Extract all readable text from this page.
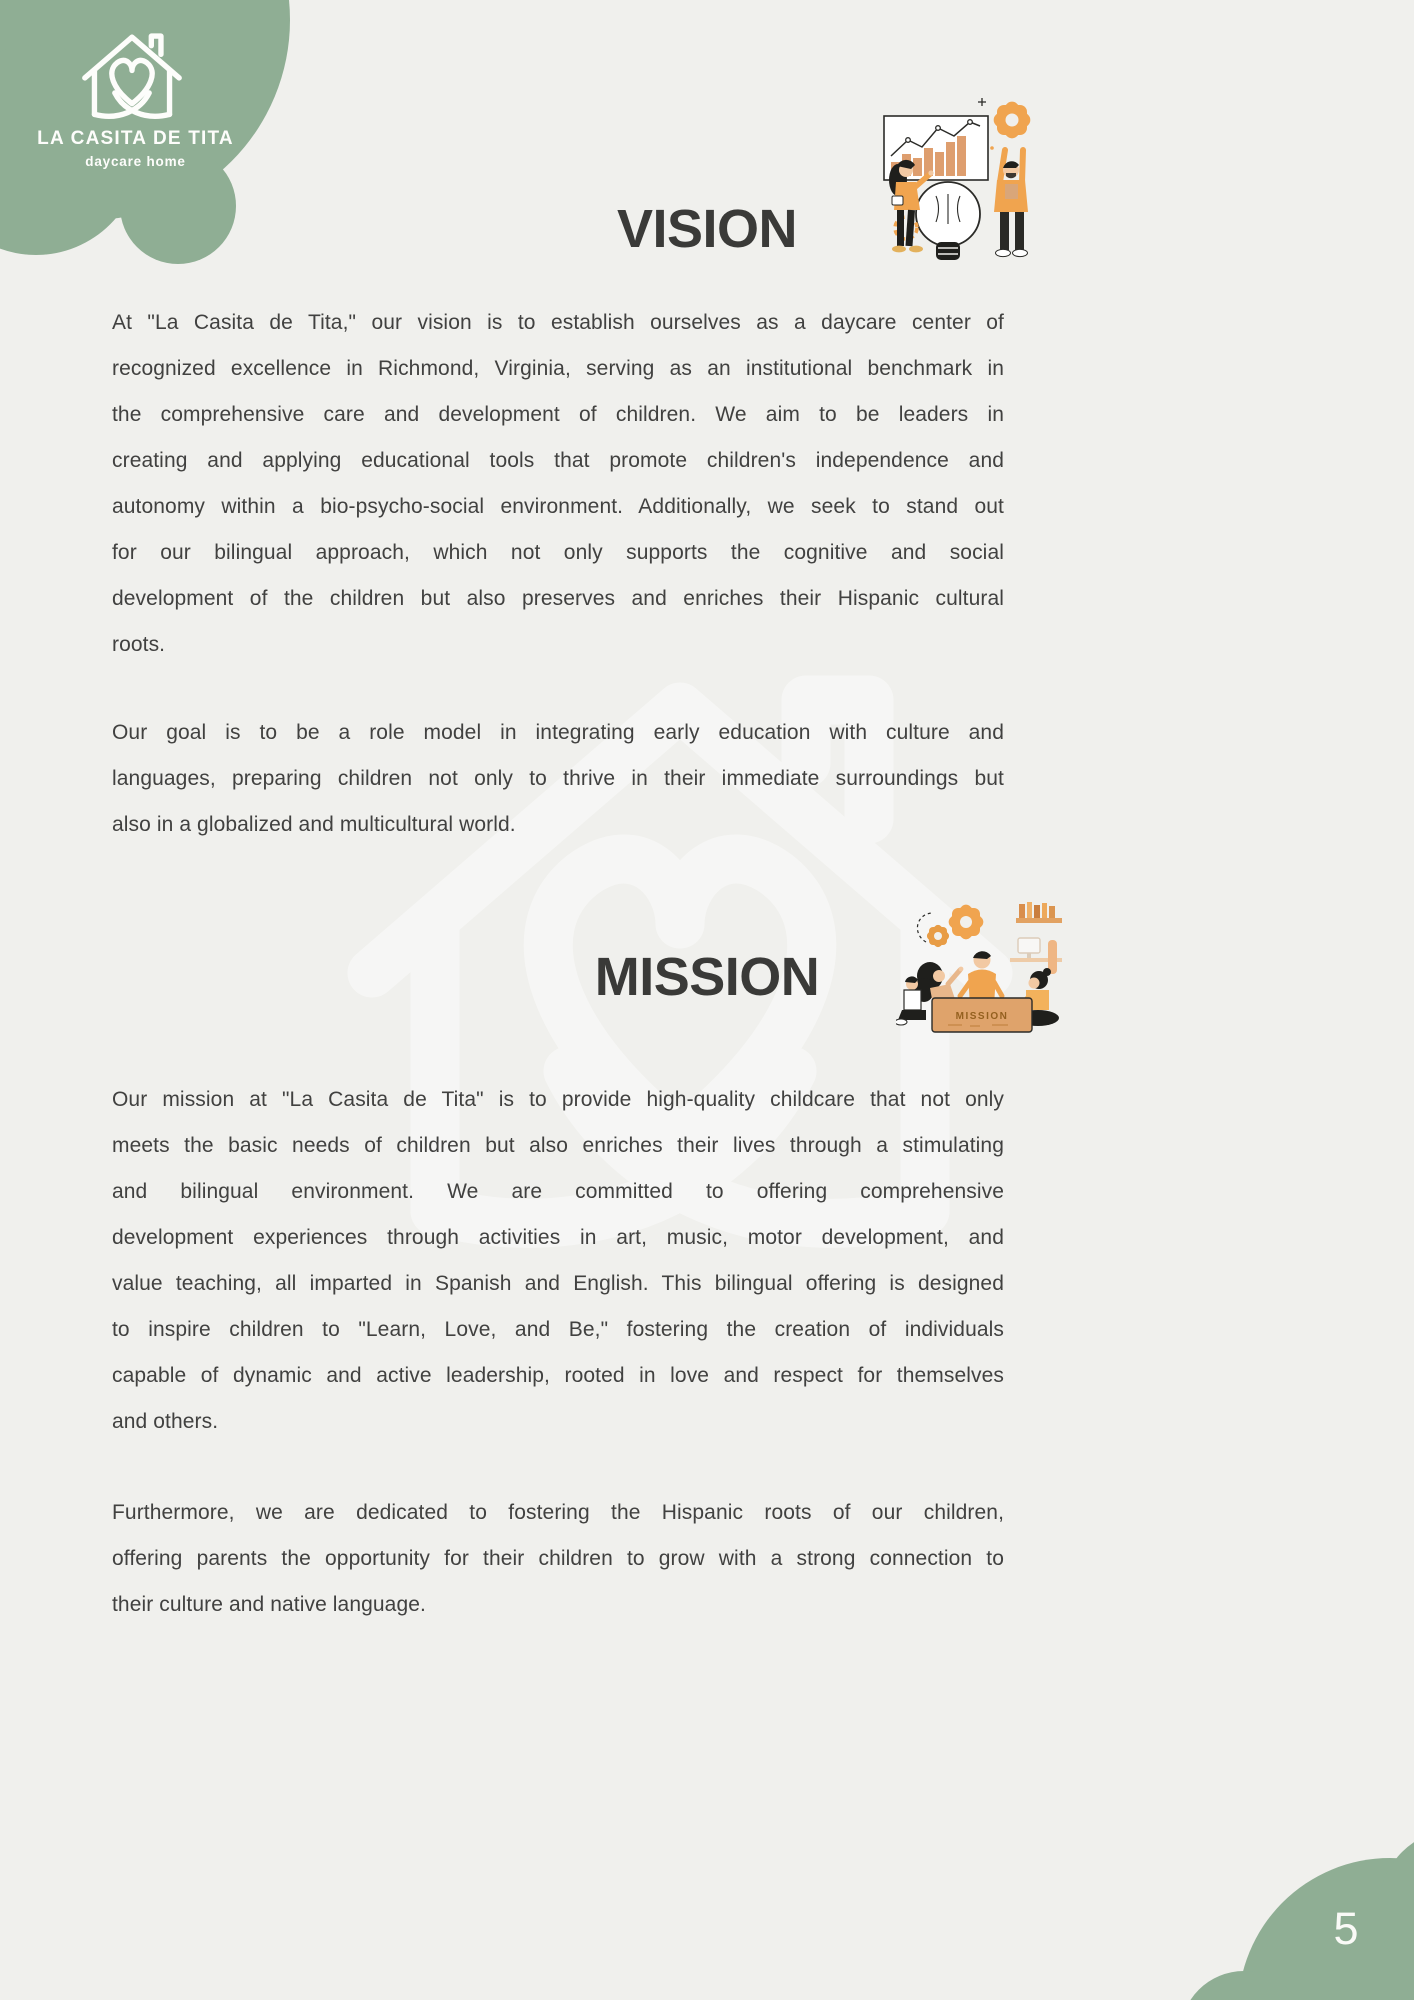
LA CASITA DE TITA
daycare home
VISION
At "La Casita de Tita," our vision is to establish ourselves as a daycare center of
recognized excellence in Richmond, Virginia, serving as an institutional benchmark in
the comprehensive care and development of children. We aim to be leaders in
creating and applying educational tools that promote children's independence and
autonomy within a bio-psycho-social environment. Additionally, we seek to stand out
for our bilingual approach, which not only supports the cognitive and social
development of the children but also preserves and enriches their Hispanic cultural
roots.
Our goal is to be a role model in integrating early education with culture and
languages, preparing children not only to thrive in their immediate surroundings but
also in a globalized and multicultural world.
MISSION
MISSION
Our mission at "La Casita de Tita" is to provide high-quality childcare that not only
meets the basic needs of children but also enriches their lives through a stimulating
and bilingual environment. We are committed to offering comprehensive
development experiences through activities in art, music, motor development, and
value teaching, all imparted in Spanish and English. This bilingual offering is designed
to inspire children to "Learn, Love, and Be," fostering the creation of individuals
capable of dynamic and active leadership, rooted in love and respect for themselves
and others.
Furthermore, we are dedicated to fostering the Hispanic roots of our children,
offering parents the opportunity for their children to grow with a strong connection to
their culture and native language.
5
